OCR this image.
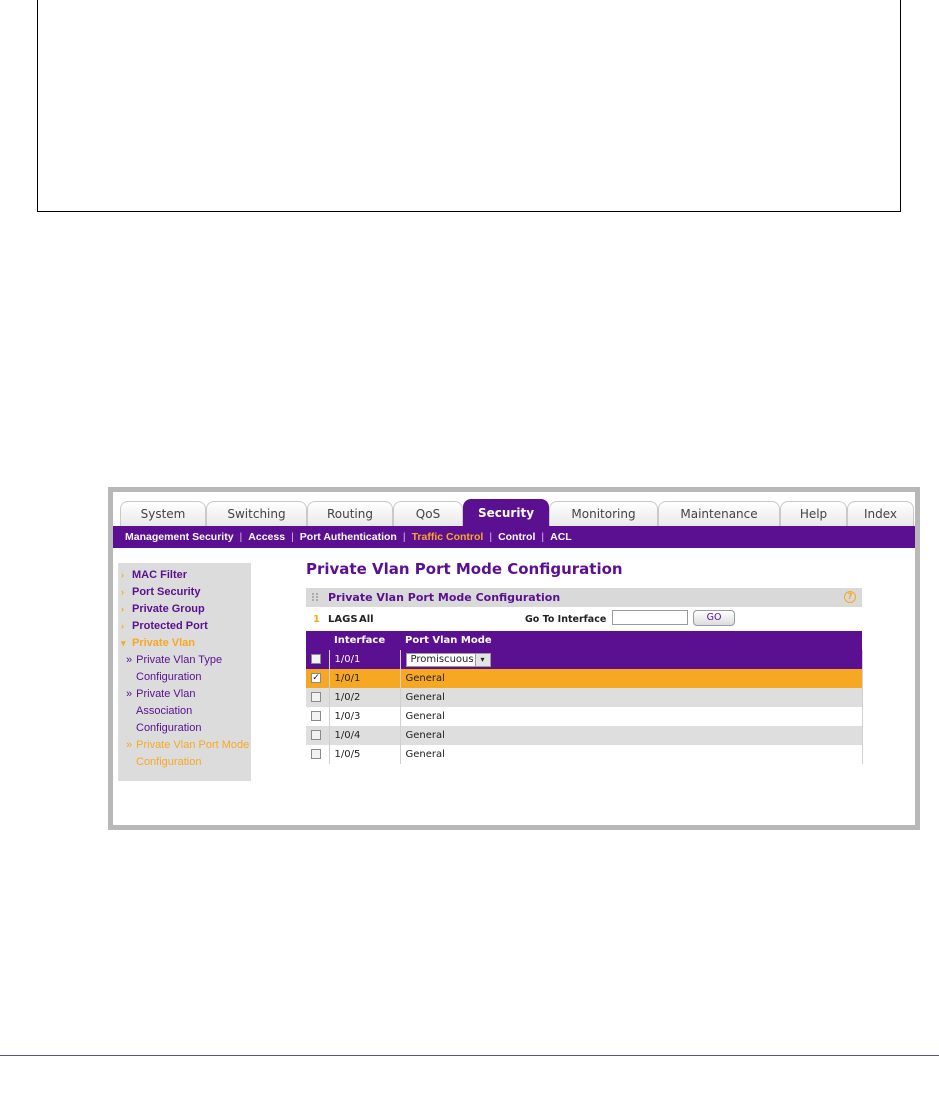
System	Switching	Routing	QoS	Security	Monitoring	Maintenance	Help	Index
Management Security | Access | Port Authentication | Traffic Control | Control | ACL
› MAC Filter
› Port Security
› Private Group
› Protected Port
▾ Private Vlan
» Private Vlan Type Configuration
» Private Vlan Association Configuration
» Private Vlan Port Mode Configuration
Private Vlan Port Mode Configuration
Private Vlan Port Mode Configuration	?
1 LAGS All	Go To Interface	GO
	Interface	Port Vlan Mode
	1/0/1	Promiscuous ▾

✓	1/0/1	General
	1/0/2	General
	1/0/3	General
	1/0/4	General
	1/0/5	General
